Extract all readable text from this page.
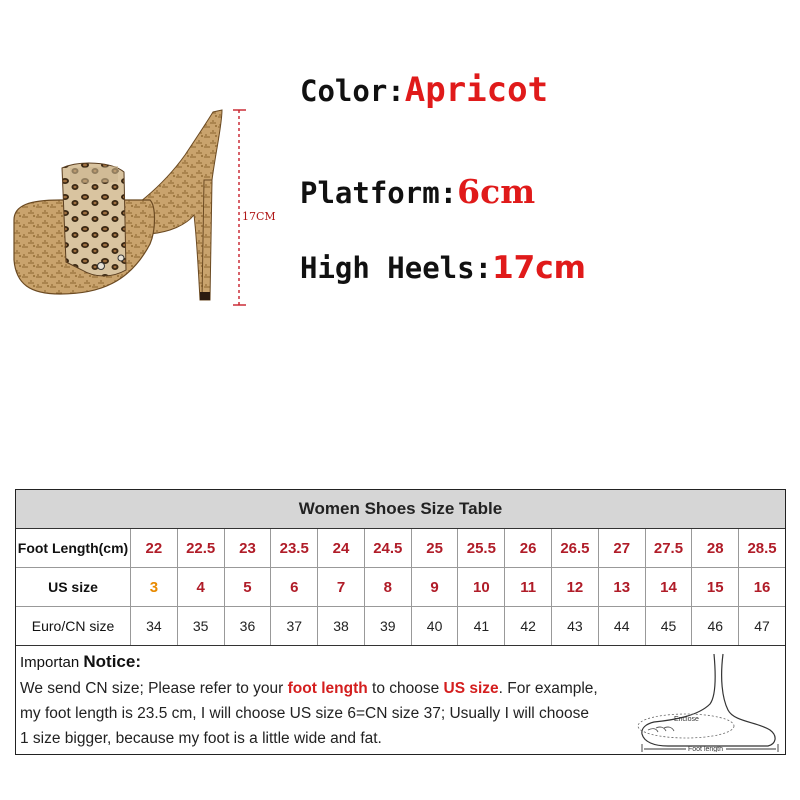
17CM
Color:Apricot
Platform:6cm
High Heels:17cm
Women Shoes Size Table
Foot Length(cm)	22	22.5	23	23.5	24	24.5	25	25.5	26	26.5	27	27.5	28	28.5
US size	3	4	5	6	7	8	9	10	11	12	13	14	15	16
Euro/CN size	34	35	36	37	38	39	40	41	42	43	44	45	46	47
Importan Notice:
We send CN size; Please refer to your foot length to choose US size. For example,
my foot length is 23.5 cm, I will choose US size 6=CN size 37; Usually I will choose
1 size bigger, because my foot is a little wide and fat.
Enclose
Foot length
